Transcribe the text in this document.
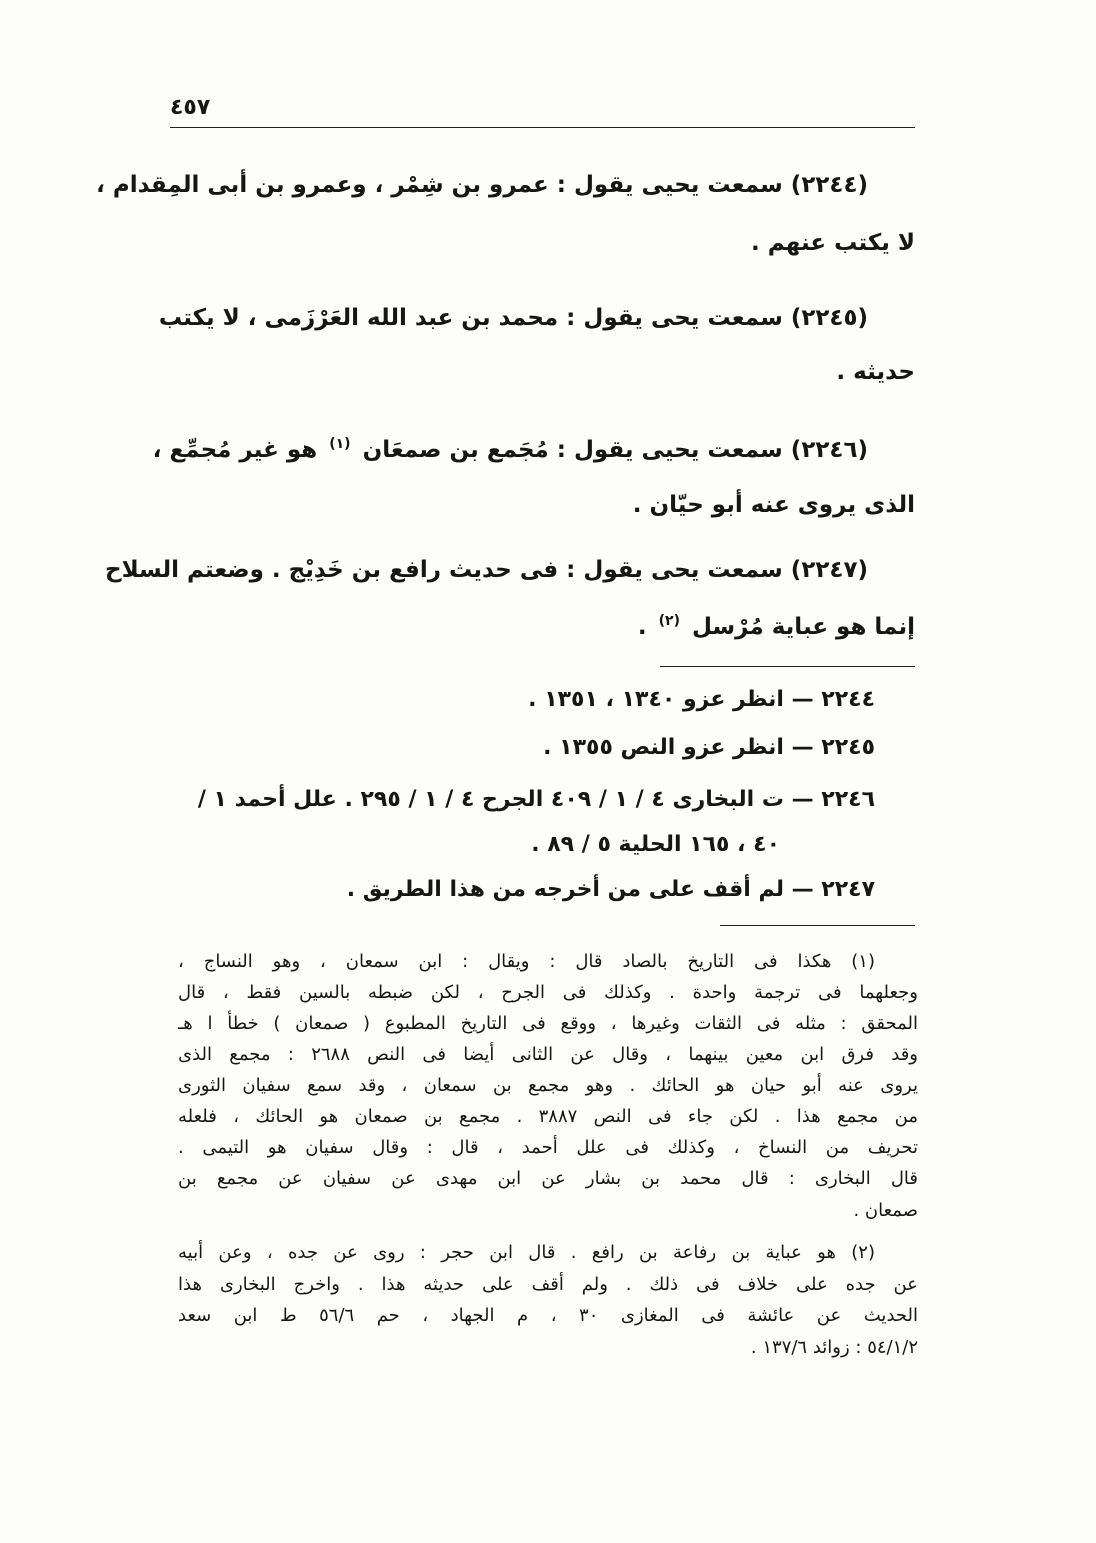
٤٥٧
(٢٢٤٤) سمعت يحيى يقول : عمرو بن شِمْر ، وعمرو بن أبى المِقدام ،
لا يكتب عنهم .
(٢٢٤٥) سمعت يحى يقول : محمد بن عبد الله العَرْزَمى ، لا يكتب
حديثه .
(٢٢٤٦) سمعت يحيى يقول : مُجَمع بن صمعَان $^{(١)}$ هو غير مُجمِّع ،
الذى يروى عنه أبو حيّان .
(٢٢٤٧) سمعت يحى يقول : فى حديث رافع بن خَدِيْج . وضعتم السلاح
إنما هو عباية مُرْسل $^{(٢)}$ .
٢٢٤٤ — انظر عزو ١٣٤٠ ، ١٣٥١ .
٢٢٤٥ — انظر عزو النص ١٣٥٥ .
٢٢٤٦ — ت البخارى ٤ / ١ / ٤٠٩ الجرح ٤ / ١ / ٢٩٥ . علل أحمد ١ /
٤٠ ، ١٦٥ الحلية ٥ / ٨٩ .
٢٢٤٧ — لم أقف على من أخرجه من هذا الطريق .
(١) هكذا فى التاريخ بالصاد قال : ويقال : ابن سمعان ، وهو النساج ،
وجعلهما فى ترجمة واحدة . وكذلك فى الجرح ، لكن ضبطه بالسين فقط ، قال
المحقق : مثله فى الثقات وغيرها ، ووقع فى التاريخ المطبوع ( صمعان ) خطأ ا هـ
وقد فرق ابن معين بينهما ، وقال عن الثانى أيضا فى النص ٢٦٨٨ : مجمع الذى
يروى عنه أبو حيان هو الحائك . وهو مجمع بن سمعان ، وقد سمع سفيان الثورى
من مجمع هذا . لكن جاء فى النص ٣٨٨٧ . مجمع بن صمعان هو الحائك ، فلعله
تحريف من النساخ ، وكذلك فى علل أحمد ، قال : وقال سفيان هو التيمى .
قال البخارى : قال محمد بن بشار عن ابن مهدى عن سفيان عن مجمع بن
صمعان .
(٢) هو عباية بن رفاعة بن رافع . قال ابن حجر : روى عن جده ، وعن أبيه
عن جده على خلاف فى ذلك . ولم أقف على حديثه هذا . واخرج البخارى هذا
الحديث عن عائشة فى المغازى ٣٠ ، م الجهاد ، حم ٥٦/٦ ط ابن سعد
٥٤/١/٢ : زوائد ١٣٧/٦ .
